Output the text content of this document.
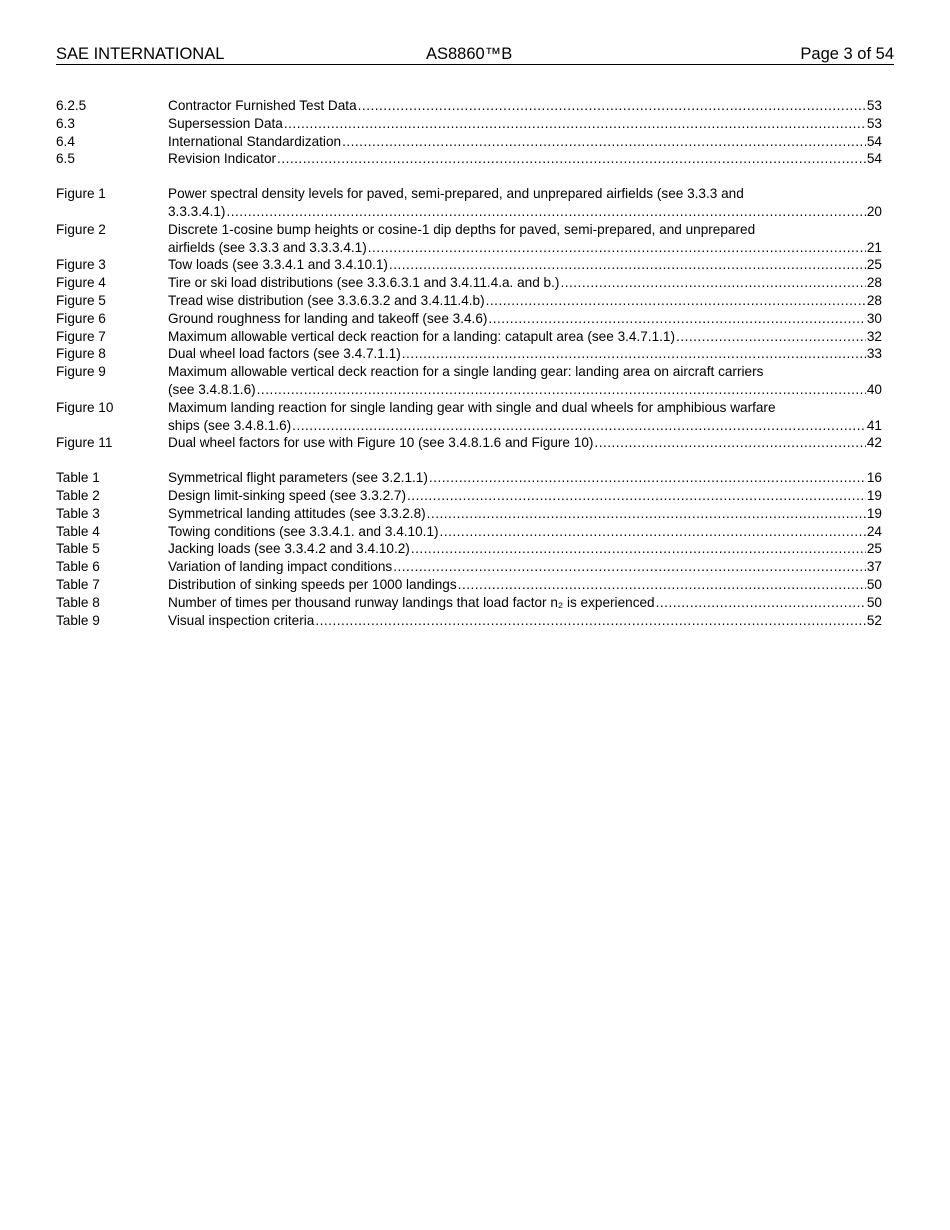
SAE INTERNATIONAL	AS8860™B	Page 3 of 54
6.2.5	Contractor Furnished Test Data .....	53
6.3	Supersession Data .....	53
6.4	International Standardization .....	54
6.5	Revision Indicator .....	54
Figure 1	Power spectral density levels for paved, semi-prepared, and unprepared airfields (see 3.3.3 and
3.3.3.4.1) .....	20
Figure 2	Discrete 1-cosine bump heights or cosine-1 dip depths for paved, semi-prepared, and unprepared
airfields (see 3.3.3 and 3.3.3.4.1) .....	21
Figure 3	Tow loads (see 3.3.4.1 and 3.4.10.1) .....	25
Figure 4	Tire or ski load distributions (see 3.3.6.3.1 and 3.4.11.4.a. and b.) .....	28
Figure 5	Tread wise distribution (see 3.3.6.3.2 and 3.4.11.4.b) .....	28
Figure 6	Ground roughness for landing and takeoff (see 3.4.6) .....	30
Figure 7	Maximum allowable vertical deck reaction for a landing: catapult area (see 3.4.7.1.1) .....	32
Figure 8	Dual wheel load factors (see 3.4.7.1.1) .....	33
Figure 9	Maximum allowable vertical deck reaction for a single landing gear: landing area on aircraft carriers
(see 3.4.8.1.6) .....	40
Figure 10	Maximum landing reaction for single landing gear with single and dual wheels for amphibious warfare
ships (see 3.4.8.1.6) .....	41
Figure 11	Dual wheel factors for use with Figure 10 (see 3.4.8.1.6 and Figure 10) .....	42
Table 1	Symmetrical flight parameters (see 3.2.1.1) .....	16
Table 2	Design limit-sinking speed (see 3.3.2.7) .....	19
Table 3	Symmetrical landing attitudes (see 3.3.2.8) .....	19
Table 4	Towing conditions (see 3.3.4.1. and 3.4.10.1) .....	24
Table 5	Jacking loads (see 3.3.4.2 and 3.4.10.2) .....	25
Table 6	Variation of landing impact conditions .....	37
Table 7	Distribution of sinking speeds per 1000 landings .....	50
Table 8	Number of times per thousand runway landings that load factor n₂ is experienced .....	50
Table 9	Visual inspection criteria .....	52
